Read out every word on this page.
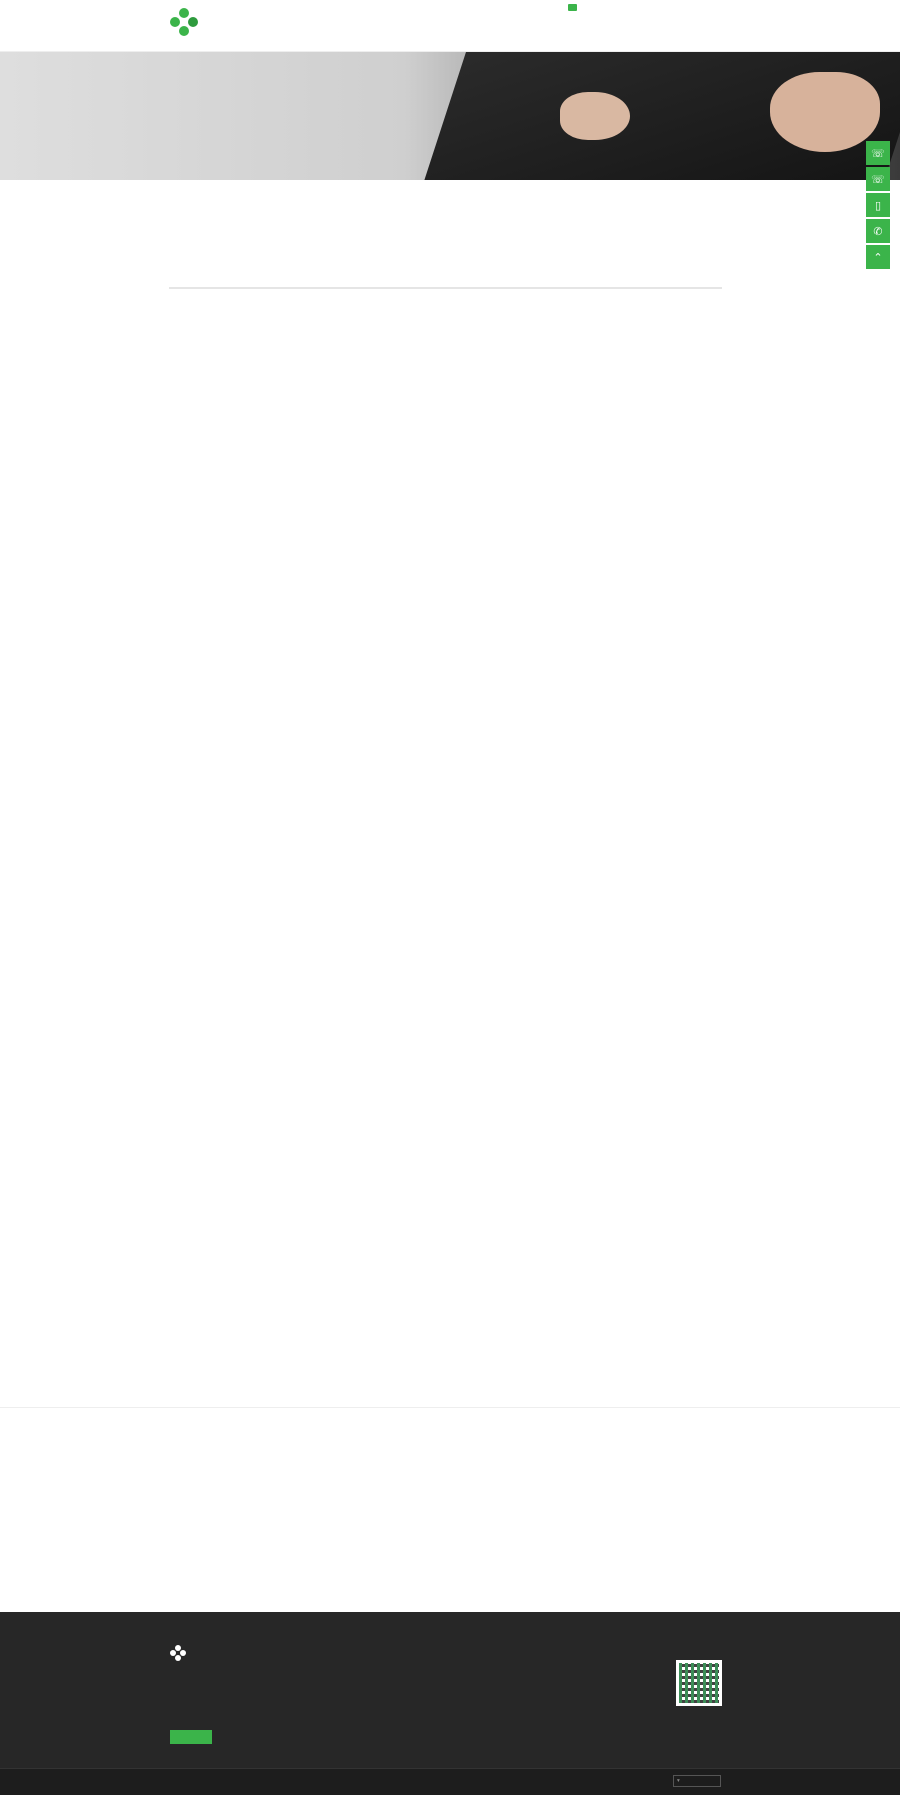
☏
☏
▯
✆
⌃
▾
